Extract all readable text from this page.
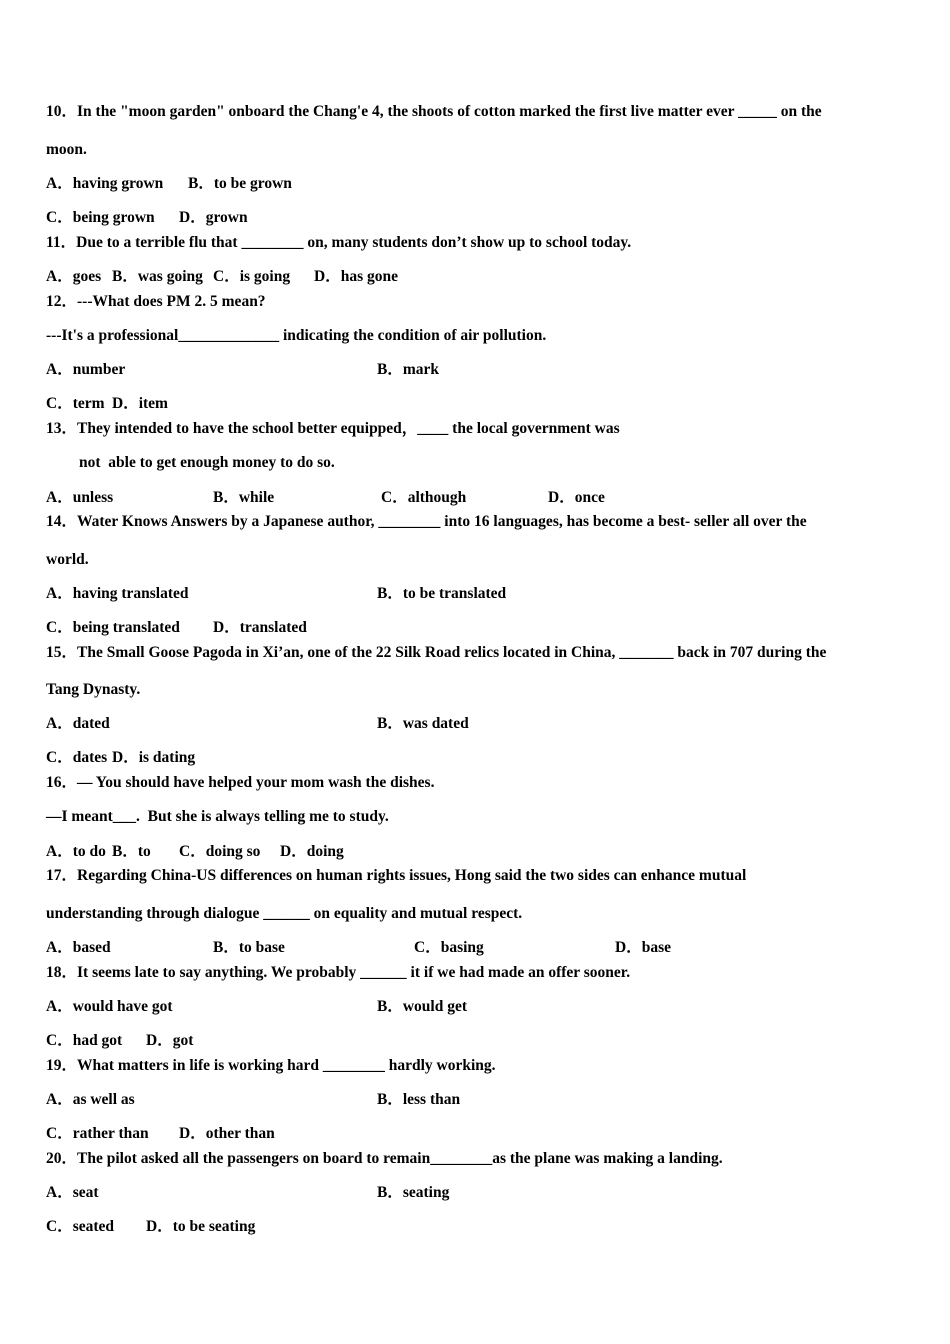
10．In the "moon garden" onboard the Chang'e 4, the shoots of cotton marked the first live matter ever _____ on the
moon.
A．having grown B．to be grown
C．being grown D．grown
11．Due to a terrible flu that ________ on, many students don’t show up to school today.
A．goes B．was going C．is going D．has gone
12．---What does PM 2. 5 mean?
---It's a professional_____________ indicating the condition of air pollution.
A．number	B．mark
C．term D．item
13．They intended to have the school better equipped，____ the local government was
not  able to get enough money to do so.
A．unless	B．while	C．although	D．once
14．Water Knows Answers by a Japanese author, ________ into 16 languages, has become a best- seller all over the
world.
A．having translated	B．to be translated
C．being translated D．translated
15．The Small Goose Pagoda in Xi’an, one of the 22 Silk Road relics located in China, _______ back in 707 during the
Tang Dynasty.
A．dated	B．was dated
C．dates D．is dating
16．— You should have helped your mom wash the dishes.
—I meant___.  But she is always telling me to study.
A．to do B．to C．doing so D．doing
17．Regarding China-US differences on human rights issues, Hong said the two sides can enhance mutual
understanding through dialogue ______ on equality and mutual respect.
A．based	B．to base	C．basing	D．base
18．It seems late to say anything. We probably ______ it if we had made an offer sooner.
A．would have got	B．would get
C．had got D．got
19．What matters in life is working hard ________ hardly working.
A．as well as	B．less than
C．rather than D．other than
20．The pilot asked all the passengers on board to remain________as the plane was making a landing.
A．seat	B．seating
C．seated D．to be seating
